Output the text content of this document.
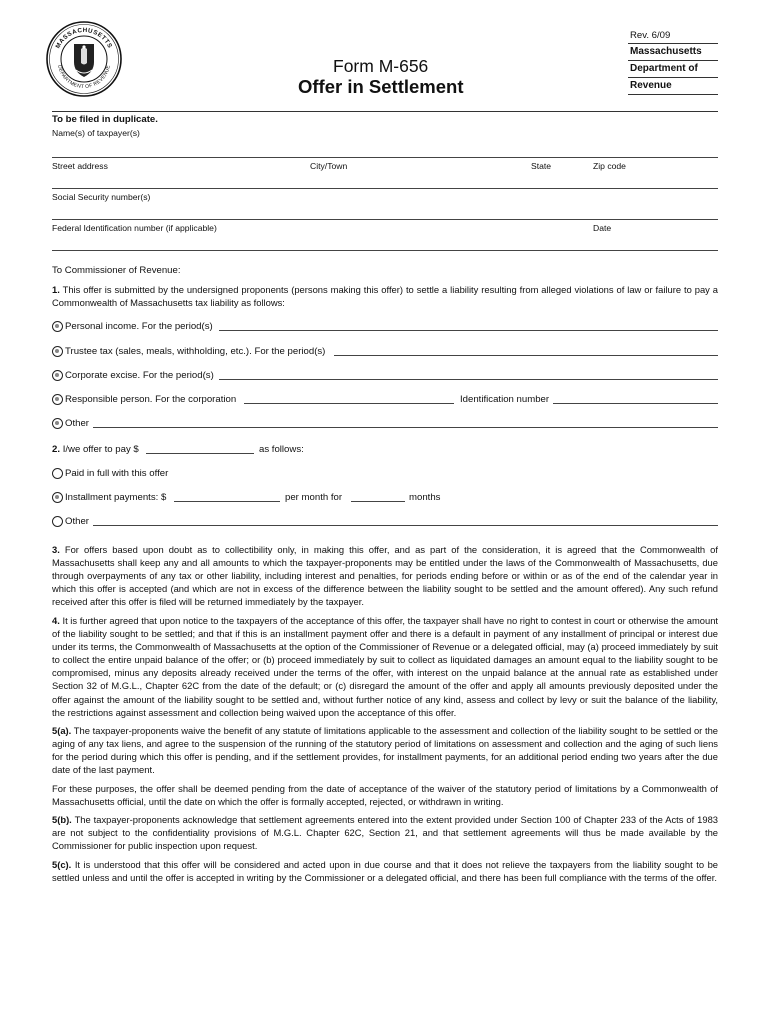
MASSACHUSETTS
DEPARTMENT OF REVENUE
Rev. 6/09
Form M-656
Offer in Settlement
Massachusetts
Department of
Revenue
To be filed in duplicate.
Name(s) of taxpayer(s)
Street address	City/Town	State	Zip code
Social Security number(s)
Federal Identification number (if applicable)	Date
To Commissioner of Revenue:
1. This offer is submitted by the undersigned proponents (persons making this offer) to settle a liability resulting from alleged violations of law or failure to pay a Commonwealth of Massachusetts tax liability as follows:
Personal income. For the period(s)
Trustee tax (sales, meals, withholding, etc.). For the period(s)
Corporate excise. For the period(s)
Responsible person. For the corporation	Identification number
Other
2. I/we offer to pay $	as follows:
Paid in full with this offer
Installment payments: $	per month for	months
Other
3. For offers based upon doubt as to collectibility only, in making this offer, and as part of the consideration, it is agreed that the Commonwealth of Massachusetts shall keep any and all amounts to which the taxpayer-proponents may be entitled under the laws of the Commonwealth of Massachusetts, due through overpayments of any tax or other liability, including interest and penalties, for periods ending before or within or as of the end of the calendar year in which this offer is accepted (and which are not in excess of the difference between the liability sought to be settled and the amount offered). Any such refund received after this offer is filed will be returned immediately by the taxpayer.
4. It is further agreed that upon notice to the taxpayers of the acceptance of this offer, the taxpayer shall have no right to contest in court or otherwise the amount of the liability sought to be settled; and that if this is an installment payment offer and there is a default in payment of any installment of principal or interest due under its terms, the Commonwealth of Massachusetts at the option of the Commissioner of Revenue or a delegated official, may (a) proceed immediately by suit to collect the entire unpaid balance of the offer; or (b) proceed immediately by suit to collect as liquidated damages an amount equal to the liability sought to be compromised, minus any deposits already received under the terms of the offer, with interest on the unpaid balance at the annual rate as established under Section 32 of M.G.L., Chapter 62C from the date of the default; or (c) disregard the amount of the offer and apply all amounts previously deposited under the offer against the amount of the liability sought to be settled and, without further notice of any kind, assess and collect by levy or suit the balance of the liability, the restrictions against assessment and collection being waived upon the acceptance of this offer.
5(a). The taxpayer-proponents waive the benefit of any statute of limitations applicable to the assessment and collection of the liability sought to be settled or the aging of any tax liens, and agree to the suspension of the running of the statutory period of limitations on assessment and collection and the aging of such liens for the period during which this offer is pending, and if the settlement provides, for installment payments, for an additional period ending two years after the due date of the last payment.
For these purposes, the offer shall be deemed pending from the date of acceptance of the waiver of the statutory period of limitations by a Commonwealth of Massachusetts official, until the date on which the offer is formally accepted, rejected, or withdrawn in writing.
5(b). The taxpayer-proponents acknowledge that settlement agreements entered into the extent provided under Section 100 of Chapter 233 of the Acts of 1983 are not subject to the confidentiality provisions of M.G.L. Chapter 62C, Section 21, and that settlement agreements will thus be made available by the Commissioner for public inspection upon request.
5(c). It is understood that this offer will be considered and acted upon in due course and that it does not relieve the taxpayers from the liability sought to be settled unless and until the offer is accepted in writing by the Commissioner or a delegated official, and there has been full compliance with the terms of the offer.
